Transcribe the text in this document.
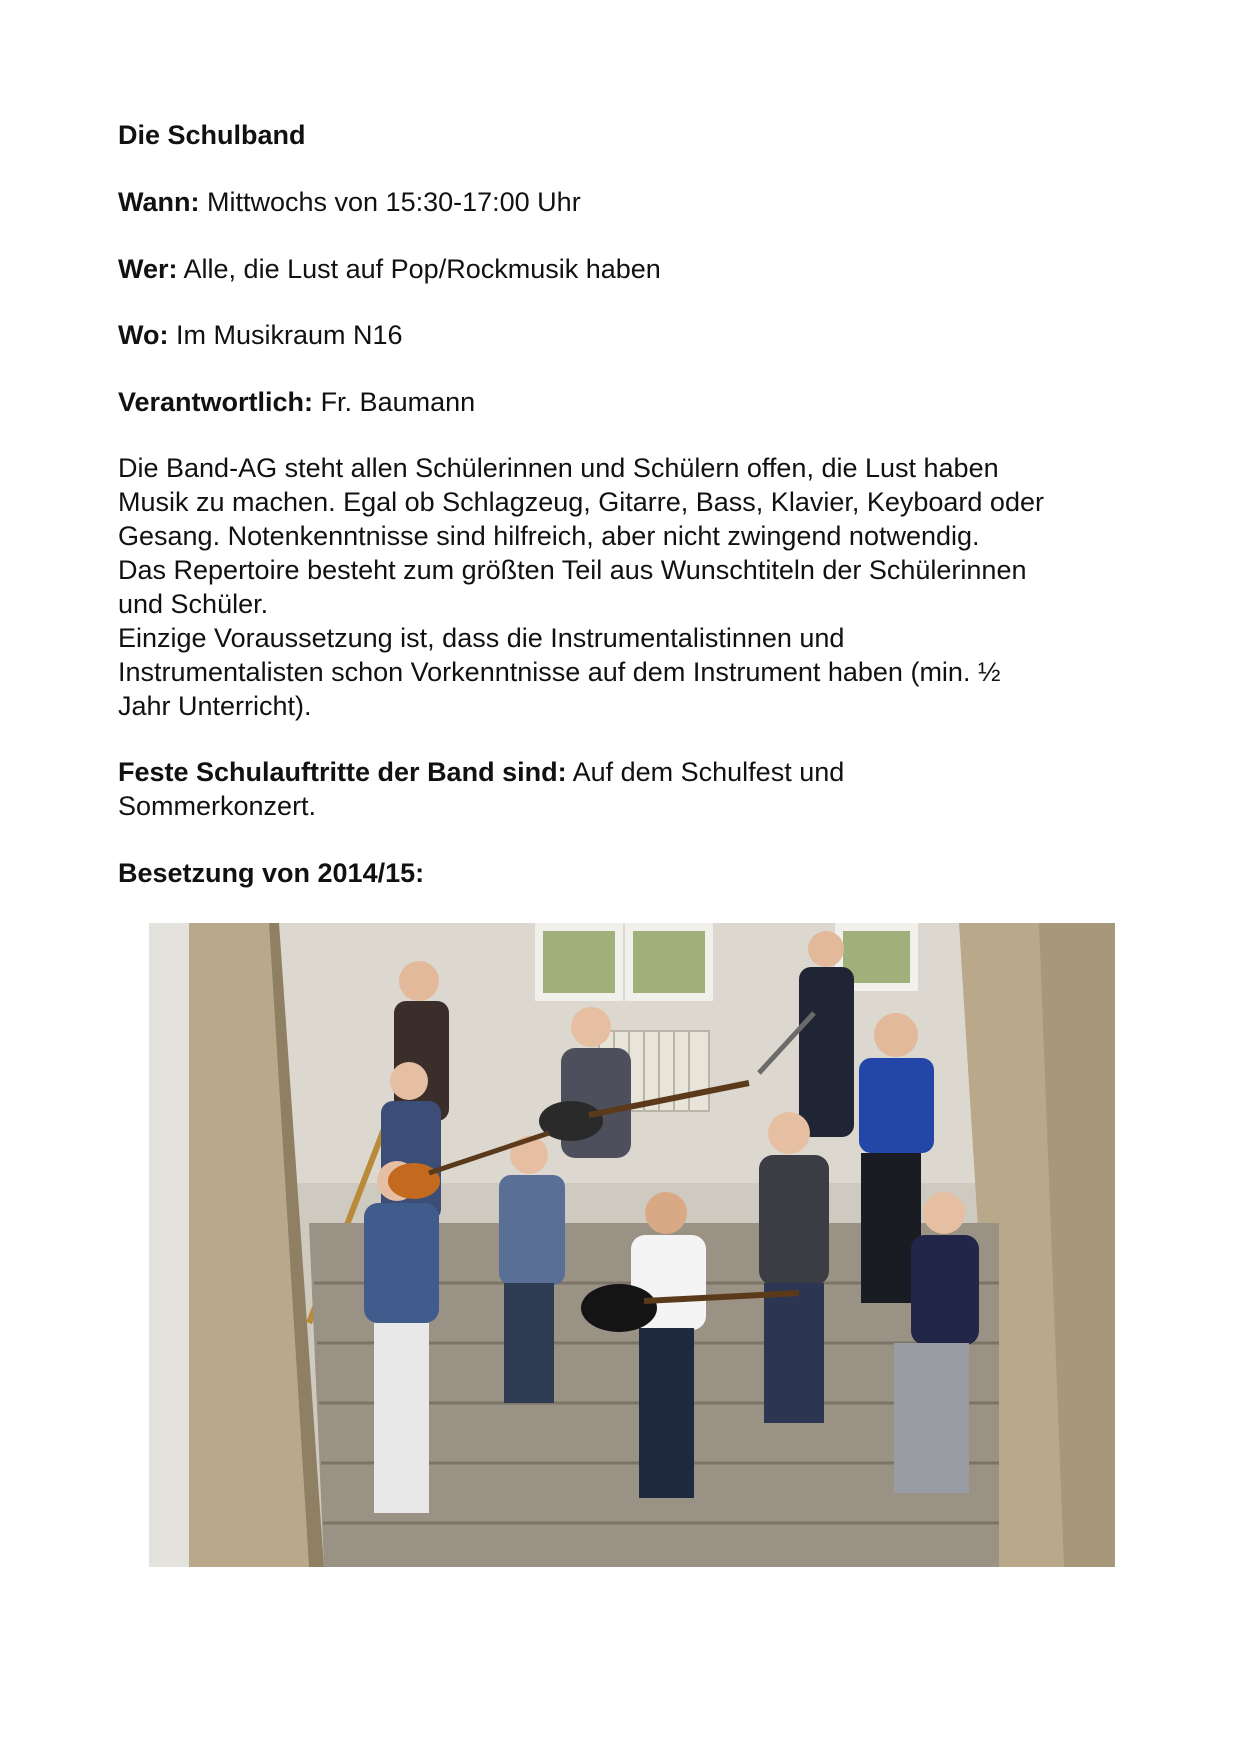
Die Schulband

Wann: Mittwochs von 15:30-17:00 Uhr

Wer: Alle, die Lust auf Pop/Rockmusik haben

Wo: Im Musikraum N16

Verantwortlich: Fr. Baumann

Die Band-AG steht allen Schülerinnen und Schülern offen, die Lust haben

Musik zu machen. Egal ob Schlagzeug, Gitarre, Bass, Klavier, Keyboard oder

Gesang. Notenkenntnisse sind hilfreich, aber nicht zwingend notwendig.

Das Repertoire besteht zum größten Teil aus Wunschtiteln der Schülerinnen

und Schüler.

Einzige Voraussetzung ist, dass die Instrumentalistinnen und

Instrumentalisten schon Vorkenntnisse auf dem Instrument haben (min. ½

Jahr Unterricht).

Feste Schulauftritte der Band sind: Auf dem Schulfest und

Sommerkonzert.

Besetzung von 2014/15:
